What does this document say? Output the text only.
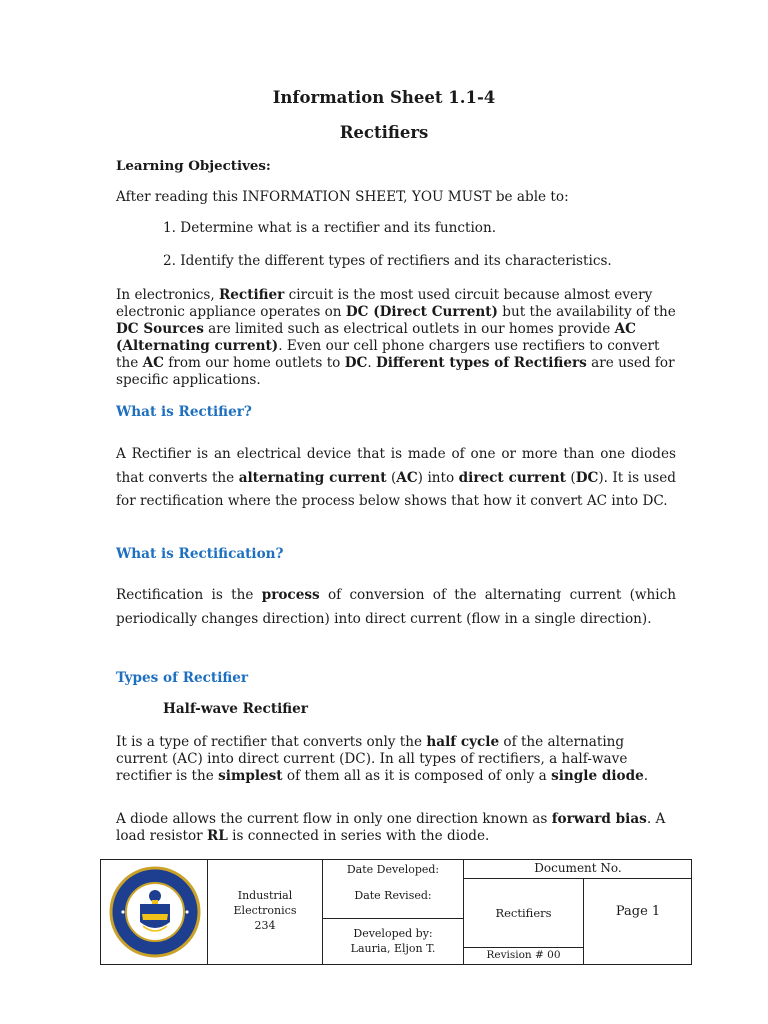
Information Sheet 1.1-4
Rectifiers
Learning Objectives:
After reading this INFORMATION SHEET, YOU MUST be able to:
1. Determine what is a rectifier and its function.
2. Identify the different types of rectifiers and its characteristics.
In electronics, Rectifier circuit is the most used circuit because almost every electronic appliance operates on DC (Direct Current) but the availability of the DC Sources are limited such as electrical outlets in our homes provide AC (Alternating current). Even our cell phone chargers use rectifiers to convert the AC from our home outlets to DC. Different types of Rectifiers are used for specific applications.
What is Rectifier?
A Rectifier is an electrical device that is made of one or more than one diodes that converts the alternating current (AC) into direct current (DC). It is used for rectification where the process below shows that how it convert AC into DC.
What is Rectification?
Rectification is the process of conversion of the alternating current (which periodically changes direction) into direct current (flow in a single direction).
Types of Rectifier
Half-wave Rectifier
It is a type of rectifier that converts only the half cycle of the alternating current (AC) into direct current (DC). In all types of rectifiers, a half-wave rectifier is the simplest of them all as it is composed of only a single diode.
A diode allows the current flow in only one direction known as forward bias. A load resistor RL is connected in series with the diode.
Industrial
Electronics
234
Date Developed:
Date Revised:
Developed by:
Lauria, Eljon T.
Document No.
Rectifiers	Page 1
Revision # 00
